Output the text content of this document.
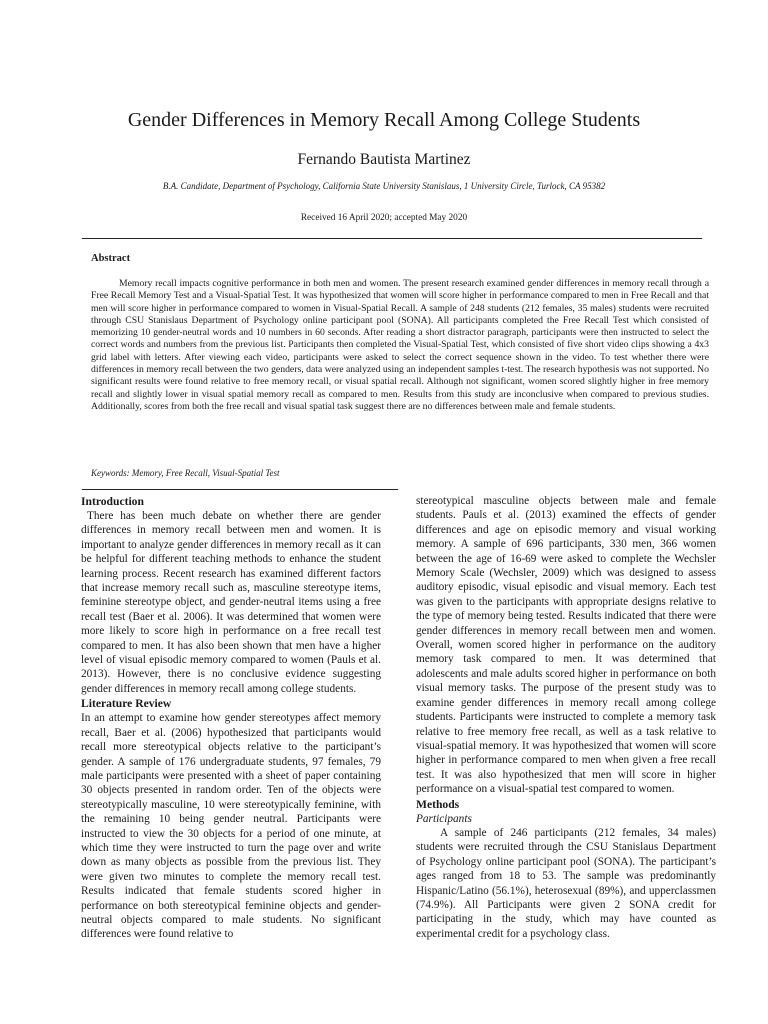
Gender Differences in Memory Recall Among College Students
Fernando Bautista Martinez
B.A. Candidate, Department of Psychology, California State University Stanislaus, 1 University Circle, Turlock, CA 95382
Received 16 April 2020; accepted May 2020
Abstract

Memory recall impacts cognitive performance in both men and women. The present research examined gender differences in memory recall through a Free Recall Memory Test and a Visual-Spatial Test. It was hypothesized that women will score higher in performance compared to men in Free Recall and that men will score higher in performance compared to women in Visual-Spatial Recall. A sample of 248 students (212 females, 35 males) students were recruited through CSU Stanislaus Department of Psychology online participant pool (SONA). All participants completed the Free Recall Test which consisted of memorizing 10 gender-neutral words and 10 numbers in 60 seconds. After reading a short distractor paragraph, participants were then instructed to select the correct words and numbers from the previous list. Participants then completed the Visual-Spatial Test, which consisted of five short video clips showing a 4x3 grid label with letters. After viewing each video, participants were asked to select the correct sequence shown in the video. To test whether there were differences in memory recall between the two genders, data were analyzed using an independent samples t-test. The research hypothesis was not supported. No significant results were found relative to free memory recall, or visual spatial recall. Although not significant, women scored slightly higher in free memory recall and slightly lower in visual spatial memory recall as compared to men. Results from this study are inconclusive when compared to previous studies. Additionally, scores from both the free recall and visual spatial task suggest there are no differences between male and female students.

Keywords: Memory, Free Recall, Visual-Spatial Test
Introduction

There has been much debate on whether there are gender differences in memory recall between men and women. It is important to analyze gender differences in memory recall as it can be helpful for different teaching methods to enhance the student learning process. Recent research has examined different factors that increase memory recall such as, masculine stereotype items, feminine stereotype object, and gender-neutral items using a free recall test (Baer et al. 2006). It was determined that women were more likely to score high in performance on a free recall test compared to men. It has also been shown that men have a higher level of visual episodic memory compared to women (Pauls et al. 2013). However, there is no conclusive evidence suggesting gender differences in memory recall among college students.

Literature Review

In an attempt to examine how gender stereotypes affect memory recall, Baer et al. (2006) hypothesized that participants would recall more stereotypical objects relative to the participant’s gender. A sample of 176 undergraduate students, 97 females, 79 male participants were presented with a sheet of paper containing 30 objects presented in random order. Ten of the objects were stereotypically masculine, 10 were stereotypically feminine, with the remaining 10 being gender neutral. Participants were instructed to view the 30 objects for a period of one minute, at which time they were instructed to turn the page over and write down as many objects as possible from the previous list. They were given two minutes to complete the memory recall test. Results indicated that female students scored higher in performance on both stereotypical feminine objects and gender-neutral objects compared to male students. No significant differences were found relative to

stereotypical masculine objects between male and female students. Pauls et al. (2013) examined the effects of gender differences and age on episodic memory and visual working memory. A sample of 696 participants, 330 men, 366 women between the age of 16-69 were asked to complete the Wechsler Memory Scale (Wechsler, 2009) which was designed to assess auditory episodic, visual episodic and visual memory. Each test was given to the participants with appropriate designs relative to the type of memory being tested. Results indicated that there were gender differences in memory recall between men and women. Overall, women scored higher in performance on the auditory memory task compared to men. It was determined that adolescents and male adults scored higher in performance on both visual memory tasks. The purpose of the present study was to examine gender differences in memory recall among college students. Participants were instructed to complete a memory task relative to free memory free recall, as well as a task relative to visual-spatial memory. It was hypothesized that women will score higher in performance compared to men when given a free recall test. It was also hypothesized that men will score in higher performance on a visual-spatial test compared to women.

Methods

Participants

A sample of 246 participants (212 females, 34 males) students were recruited through the CSU Stanislaus Department of Psychology online participant pool (SONA). The participant’s ages ranged from 18 to 53. The sample was predominantly Hispanic/Latino (56.1%), heterosexual (89%), and upperclassmen (74.9%). All Participants were given 2 SONA credit for participating in the study, which may have counted as experimental credit for a psychology class.
